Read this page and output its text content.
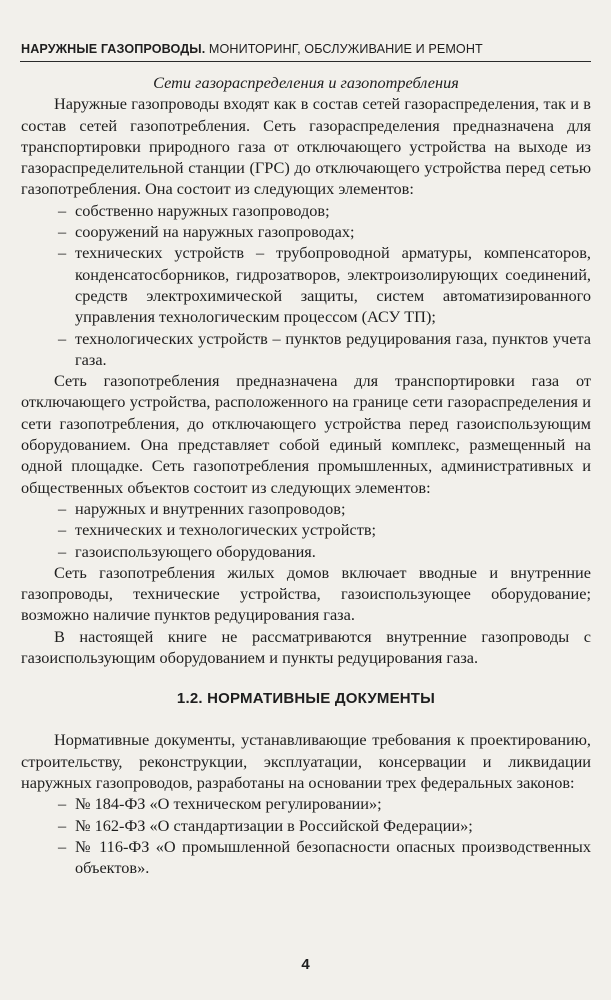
НАРУЖНЫЕ ГАЗОПРОВОДЫ. МОНИТОРИНГ, ОБСЛУЖИВАНИЕ И РЕМОНТ

Сети газораспределения и газопотребления

Наружные газопроводы входят как в состав сетей газораспределения, так и в состав сетей газопотребления. Сеть газораспределения предназначена для транспортировки природного газа от отключающего устройства на выходе из газораспределительной станции (ГРС) до отключающего устройства перед сетью газопотребления. Она состоит из следующих элементов:

– собственно наружных газопроводов;
– сооружений на наружных газопроводах;
– технических устройств – трубопроводной арматуры, компенсаторов, конденсатосборников, гидрозатворов, электроизолирующих соединений, средств электрохимической защиты, систем автоматизированного управления технологическим процессом (АСУ ТП);
– технологических устройств – пунктов редуцирования газа, пунктов учета газа.

Сеть газопотребления предназначена для транспортировки газа от отключающего устройства, расположенного на границе сети газораспределения и сети газопотребления, до отключающего устройства перед газоиспользующим оборудованием. Она представляет собой единый комплекс, размещенный на одной площадке. Сеть газопотребления промышленных, административных и общественных объектов состоит из следующих элементов:

– наружных и внутренних газопроводов;
– технических и технологических устройств;
– газоиспользующего оборудования.

Сеть газопотребления жилых домов включает вводные и внутренние газопроводы, технические устройства, газоиспользующее оборудование; возможно наличие пунктов редуцирования газа.

В настоящей книге не рассматриваются внутренние газопроводы с газоиспользующим оборудованием и пункты редуцирования газа.

1.2. НОРМАТИВНЫЕ ДОКУМЕНТЫ

Нормативные документы, устанавливающие требования к проектированию, строительству, реконструкции, эксплуатации, консервации и ликвидации наружных газопроводов, разработаны на основании трех федеральных законов:

– № 184-ФЗ «О техническом регулировании»;
– № 162-ФЗ «О стандартизации в Российской Федерации»;
– № 116-ФЗ «О промышленной безопасности опасных производственных объектов».
4
